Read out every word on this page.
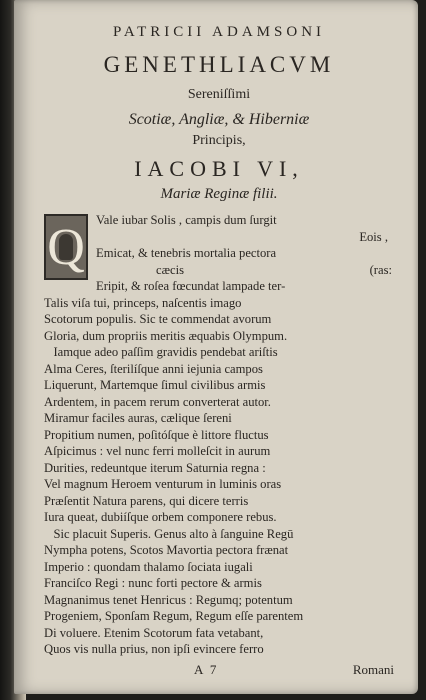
PATRICII ADAMSONI
GENETHLIACVM
Sereniſſimi
Scotiæ, Angliæ, & Hiberniæ
Principis,
IACOBI VI,
Mariæ Reginæ filii.
Q Vale iubar Solis , campis dum ſurgit
Eois ,
Emicat, & tenebris mortalia pectora
cæcis	(ras:
Eripit, & roſea fœcundat lampade ter-
Talis viſa tui, princeps, naſcentis imago
Scotorum populis. Sic te commendat avorum
Gloria, dum propriis meritis æquabis Olympum.
Iamque adeo paſſim gravidis pendebat ariſtis
Alma Ceres, ſterilíſque anni iejunia campos
Liquerunt, Martemque ſimul civilibus armis
Ardentem, in pacem rerum converterat autor.
Miramur faciles auras, cælique ſereni
Propitium numen, poſitóſque è littore fluctus
Aſpicimus : vel nunc ferri molleſcit in aurum
Durities, redeuntque iterum Saturnia regna :
Vel magnum Heroem venturum in luminis oras
Præſentit Natura parens, qui dicere terris
Iura queat, dubiíſque orbem componere rebus.
Sic placuit Superis. Genus alto à ſanguine Regū
Nympha potens, Scotos Mavortia pectora frænat
Imperio : quondam thalamo ſociata iugali
Franciſco Regi : nunc forti pectore & armis
Magnanimus tenet Henricus : Regumq; potentum
Progeniem, Sponſam Regum, Regum eſſe parentem
Di voluere. Etenim Scotorum fata vetabant,
Quos vis nulla prius, non ipſi evincere ferro
A 7	Romani
